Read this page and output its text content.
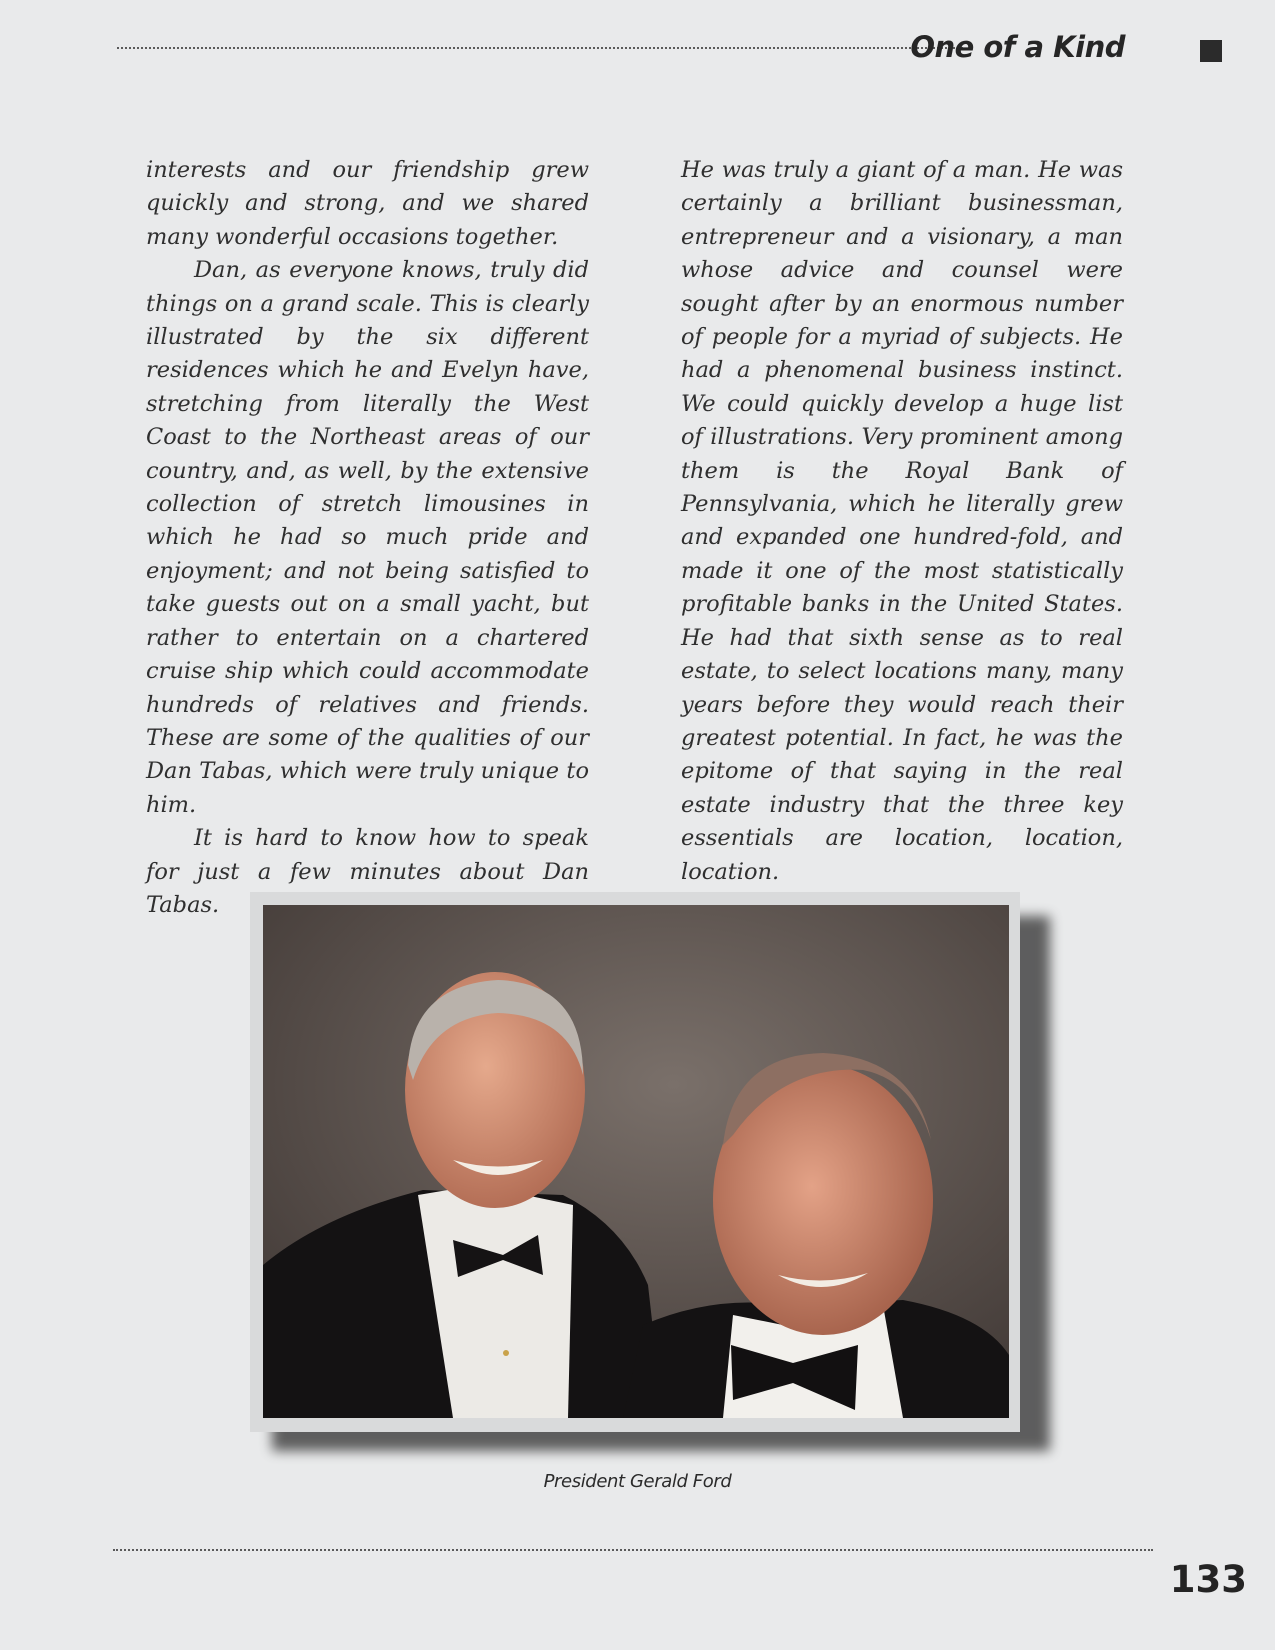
One of a Kind

interests and our friendship grew quickly and strong, and we shared many wonderful occasions together.

Dan, as everyone knows, truly did things on a grand scale. This is clearly illustrated by the six different residences which he and Evelyn have, stretching from literally the West Coast to the Northeast areas of our country, and, as well, by the extensive collection of stretch limousines in which he had so much pride and enjoyment; and not being satisfied to take guests out on a small yacht, but rather to entertain on a chartered cruise ship which could accommodate hundreds of relatives and friends. These are some of the qualities of our Dan Tabas, which were truly unique to him.

It is hard to know how to speak for just a few minutes about Dan Tabas.

He was truly a giant of a man. He was certainly a brilliant businessman, entrepreneur and a visionary, a man whose advice and counsel were sought after by an enormous number of people for a myriad of subjects. He had a phenomenal business instinct. We could quickly develop a huge list of illustrations. Very prominent among them is the Royal Bank of Pennsylvania, which he literally grew and expanded one hundred-fold, and made it one of the most statistically profitable banks in the United States. He had that sixth sense as to real estate, to select locations many, many years before they would reach their greatest potential. In fact, he was the epitome of that saying in the real estate industry that the three key essentials are location, location, location.

President Gerald Ford
133
